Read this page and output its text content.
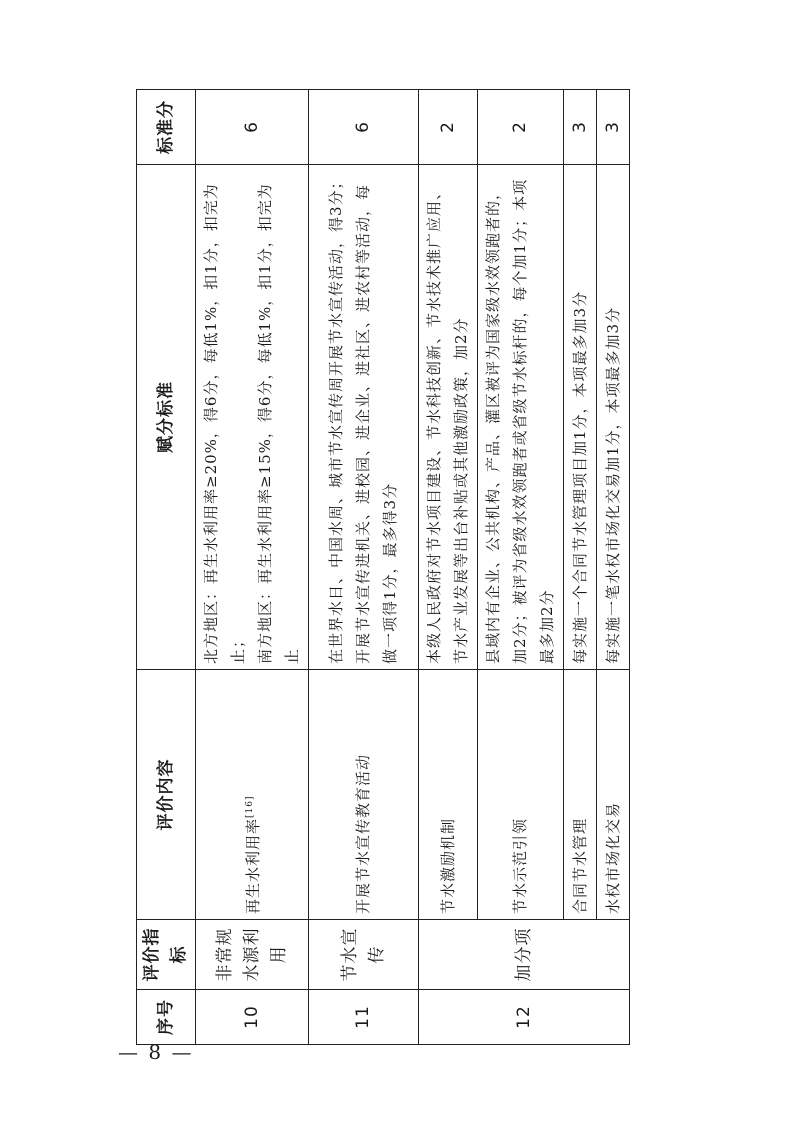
序号	评价指标	评价内容	赋分标准	标准分
10	非常规水源利用	再生水利用率[16]	北方地区：再生水利用率≥20%，得6分，每低1%，扣1分，扣完为止； 南方地区：再生水利用率≥15%，得6分，每低1%，扣1分，扣完为止	6
11	节水宣传	开展节水宣传教育活动	在世界水日、中国水周、城市节水宣传周开展节水宣传活动，得3分； 开展节水宣传进机关、进校园、进企业、进社区、进农村等活动，每做一项得1分，最多得3分	6
12	加分项	节水激励机制	本级人民政府对节水项目建设、节水科技创新、节水技术推广应用、节水产业发展等出台补贴或其他激励政策，加2分	2
		节水示范引领	县域内有企业、公共机构、产品、灌区被评为国家级水效领跑者的，加2分；被评为省级水效领跑者或省级节水标杆的，每个加1分；本项最多加2分	2
		合同节水管理	每实施一个合同节水管理项目加1分，本项最多加3分	3
		水权市场化交易	每实施一笔水权市场化交易加1分，本项最多加3分	3
— 8 —
